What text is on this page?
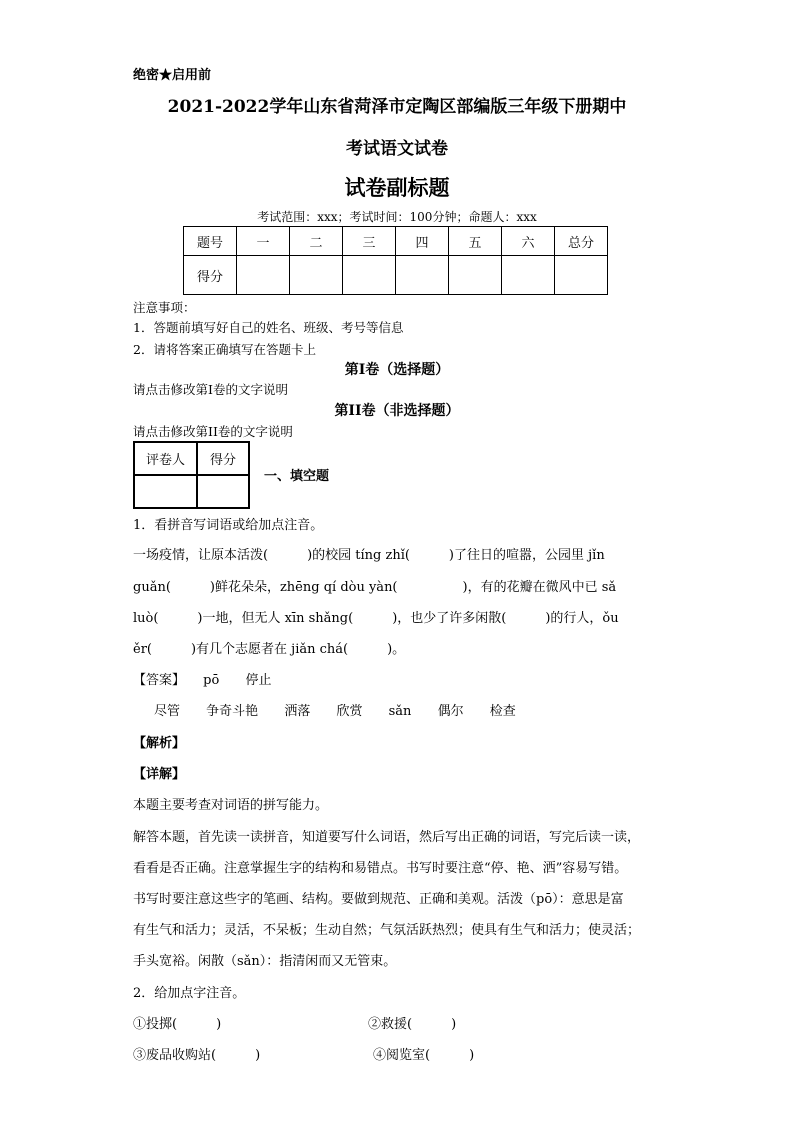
绝密★启用前
2021-2022学年山东省菏泽市定陶区部编版三年级下册期中
考试语文试卷
试卷副标题
考试范围：xxx；考试时间：100分钟；命题人：xxx
题号	一	二	三	四	五	六	总分
得分							
注意事项：
1．答题前填写好自己的姓名、班级、考号等信息
2．请将答案正确填写在答题卡上
第I卷（选择题）
请点击修改第I卷的文字说明
第II卷（非选择题）
请点击修改第II卷的文字说明
评卷人	得分

一、填空题
1．看拼音写词语或给加点注音。
一场疫情，让原本活泼(　　　)的校园 tíng zhǐ(　　　)了往日的喧嚣，公园里 jǐn
guǎn(　　　)鲜花朵朵，zhēng qí dòu yàn(　　　　　)，有的花瓣在微风中已 sǎ
luò(　　　)一地，但无人 xīn shǎng(　　　)，也少了许多闲散(　　　)的行人，ǒu
ěr(　　　)有几个志愿者在 jiǎn chá(　　　)。
【答案】 pō 停止
尽管 争奇斗艳 洒落 欣赏 sǎn 偶尔 检查
【解析】
【详解】
本题主要考查对词语的拼写能力。
解答本题，首先读一读拼音，知道要写什么词语，然后写出正确的词语，写完后读一读，
看看是否正确。注意掌握生字的结构和易错点。书写时要注意“停、艳、洒”容易写错。
书写时要注意这些字的笔画、结构。要做到规范、正确和美观。活泼（pō）：意思是富
有生气和活力；灵活，不呆板；生动自然；气氛活跃热烈；使具有生气和活力；使灵活；
手头宽裕。闲散（sǎn）：指清闲而又无管束。
2．给加点字注音。
①投掷(　　　)	②救援(　　　)
③废品收购站(　　　)	④阅览室(　　　)
